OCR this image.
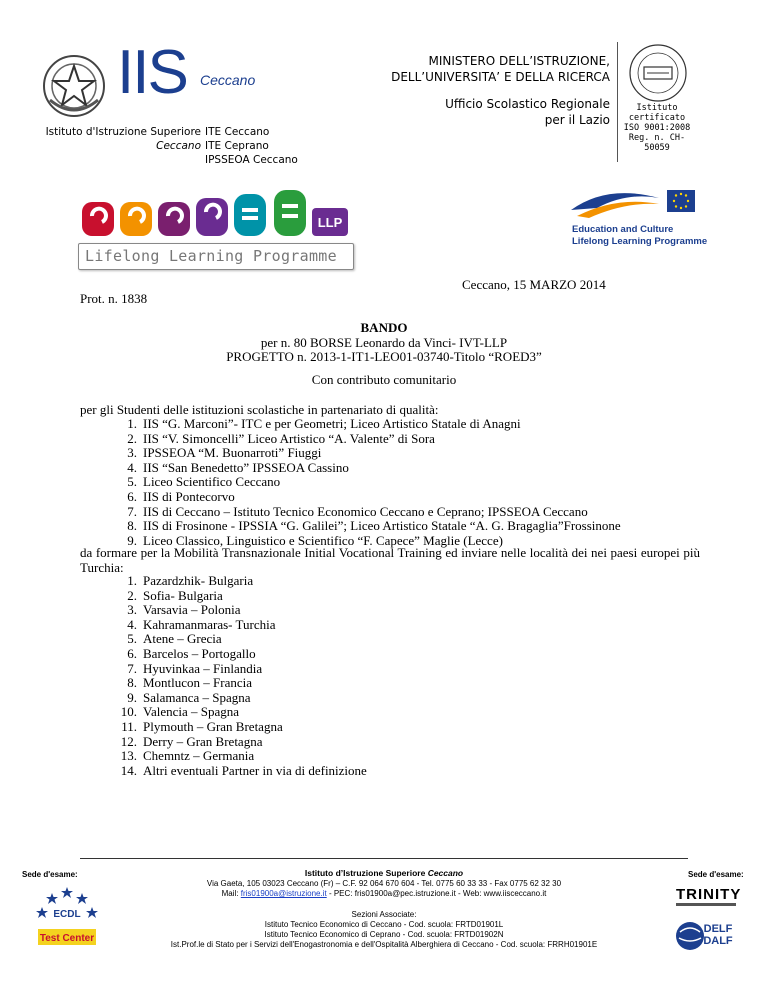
IIS Ceccano
Istituto d'Istruzione Superiore
Ceccano
ITE Ceccano
ITE Ceprano
IPSSEOA Ceccano
MINISTERO DELL’ISTRUZIONE,
DELL’UNIVERSITA’ E DELLA RICERCA
Ufficio Scolastico Regionale
per il Lazio
Istituto certificato
ISO 9001:2008
Reg. n. CH-50059
LLP
Lifelong Learning Programme
Education and Culture
Lifelong Learning Programme
Ceccano, 15 MARZO 2014
Prot. n. 1838
BANDO
per n. 80 BORSE Leonardo da Vinci- IVT-LLP
PROGETTO n. 2013-1-IT1-LEO01-03740-Titolo “ROED3”
Con contributo comunitario
per gli Studenti delle istituzioni scolastiche in partenariato di qualità:
1. IIS “G. Marconi”- ITC e per Geometri; Liceo Artistico Statale di Anagni
2. IIS “V. Simoncelli” Liceo Artistico “A. Valente” di Sora
3. IPSSEOA “M. Buonarroti” Fiuggi
4. IIS “San Benedetto” IPSSEOA Cassino
5. Liceo Scientifico Ceccano
6. IIS di Pontecorvo
7. IIS di Ceccano – Istituto Tecnico Economico Ceccano e Ceprano; IPSSEOA Ceccano
8. IIS di Frosinone - IPSSIA “G. Galilei”; Liceo Artistico Statale “A. G. Bragaglia”Frossinone
9. Liceo Classico, Linguistico e Scientifico “F. Capece” Maglie (Lecce)
da formare per la Mobilità Transnazionale Initial Vocational Training ed inviare nelle località dei nei paesi europei più Turchia:
1. Pazardzhik- Bulgaria
2. Sofia- Bulgaria
3. Varsavia – Polonia
4. Kahramanmaras- Turchia
5. Atene – Grecia
6. Barcelos – Portogallo
7. Hyuvinkaa – Finlandia
8. Montlucon – Francia
9. Salamanca – Spagna
10. Valencia – Spagna
11. Plymouth – Gran Bretagna
12. Derry – Gran Bretagna
13. Chemntz – Germania
14. Altri eventuali Partner in via di definizione
Sede d'esame:	Sede d'esame:
ECDL
Test Center
TRINITY
DELF
DALF
Istituto d’Istruzione Superiore Ceccano
Via Gaeta, 105 03023 Ceccano (Fr) – C.F. 92 064 670 604 - Tel. 0775 60 33 33 - Fax 0775 62 32 30
Mail: fris01900a@istruzione.it - PEC: fris01900a@pec.istruzione.it - Web: www.iisceccano.it
Sezioni Associate:
Istituto Tecnico Economico di Ceccano - Cod. scuola: FRTD01901L
Istituto Tecnico Economico di Ceprano - Cod. scuola: FRTD01902N
Ist.Prof.le di Stato per i Servizi dell'Enogastronomia e dell'Ospitalità Alberghiera di Ceccano - Cod. scuola: FRRH01901E
